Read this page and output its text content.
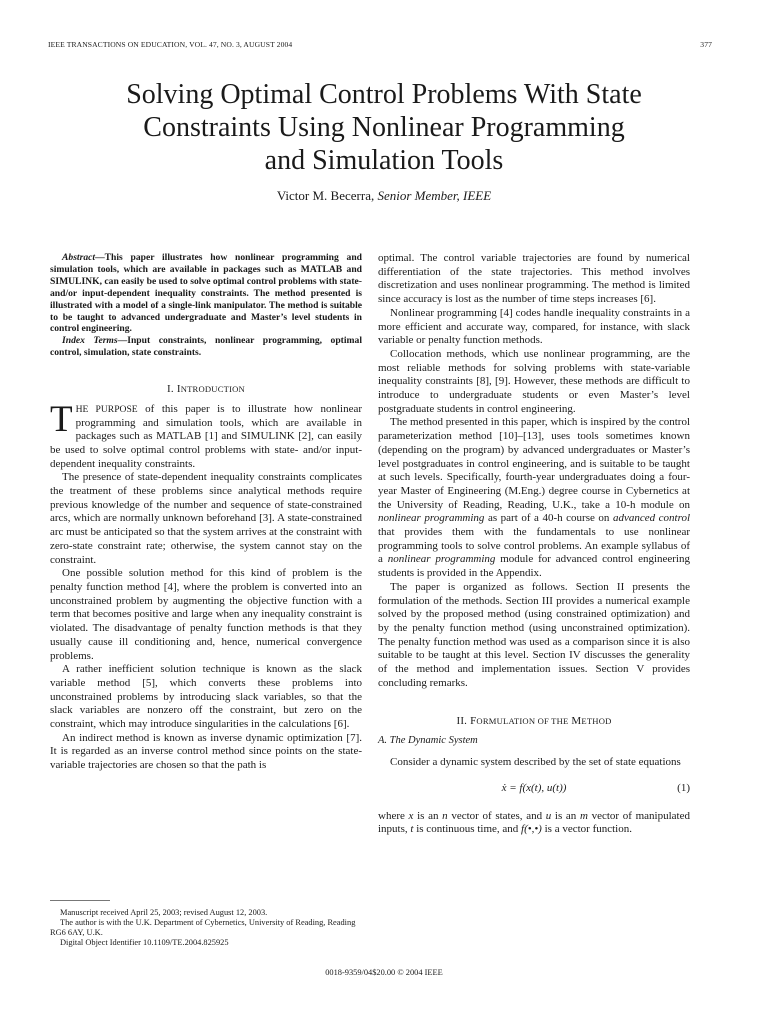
IEEE TRANSACTIONS ON EDUCATION, VOL. 47, NO. 3, AUGUST 2004	377
Solving Optimal Control Problems With State
Constraints Using Nonlinear Programming
and Simulation Tools
Victor M. Becerra, Senior Member, IEEE

Abstract—This paper illustrates how nonlinear programming and simulation tools, which are available in packages such as MATLAB and SIMULINK, can easily be used to solve optimal control problems with state- and/or input-dependent inequality constraints. The method presented is illustrated with a model of a single-link manipulator. The method is suitable to be taught to advanced undergraduate and Master’s level students in control engineering.

Index Terms—Input constraints, nonlinear programming, optimal control, simulation, state constraints.

I. INTRODUCTION

THE PURPOSE of this paper is to illustrate how nonlinear programming and simulation tools, which are available in packages such as MATLAB [1] and SIMULINK [2], can easily be used to solve optimal control problems with state- and/or input-dependent inequality constraints.

The presence of state-dependent inequality constraints complicates the treatment of these problems since analytical methods require previous knowledge of the number and sequence of state-constrained arcs, which are normally unknown beforehand [3]. A state-constrained arc must be anticipated so that the system arrives at the constraint with zero-state constraint rate; otherwise, the system cannot stay on the constraint.

One possible solution method for this kind of problem is the penalty function method [4], where the problem is converted into an unconstrained problem by augmenting the objective function with a term that becomes positive and large when any inequality constraint is violated. The disadvantage of penalty function methods is that they usually cause ill conditioning and, hence, numerical convergence problems.

A rather inefficient solution technique is known as the slack variable method [5], which converts these problems into unconstrained problems by introducing slack variables, so that the slack variables are nonzero off the constraint, but zero on the constraint, which may introduce singularities in the calculations [6].

An indirect method is known as inverse dynamic optimization [7]. It is regarded as an inverse control method since points on the state-variable trajectories are chosen so that the path is

optimal. The control variable trajectories are found by numerical differentiation of the state trajectories. This method involves discretization and uses nonlinear programming. The method is limited since accuracy is lost as the number of time steps increases [6].

Nonlinear programming [4] codes handle inequality constraints in a more efficient and accurate way, compared, for instance, with slack variable or penalty function methods.

Collocation methods, which use nonlinear programming, are the most reliable methods for solving problems with state-variable inequality constraints [8], [9]. However, these methods are difficult to introduce to undergraduate students or even Master’s level postgraduate students in control engineering.

The method presented in this paper, which is inspired by the control parameterization method [10]–[13], uses tools sometimes known (depending on the program) by advanced undergraduates or Master’s level postgraduates in control engineering, and is suitable to be taught at such levels. Specifically, fourth-year undergraduates doing a four-year Master of Engineering (M.Eng.) degree course in Cybernetics at the University of Reading, Reading, U.K., take a 10-h module on nonlinear programming as part of a 40-h course on advanced control that provides them with the fundamentals to use nonlinear programming tools to solve control problems. An example syllabus of a nonlinear programming module for advanced control engineering students is provided in the Appendix.

The paper is organized as follows. Section II presents the formulation of the methods. Section III provides a numerical example solved by the proposed method (using constrained optimization) and by the penalty function method (using unconstrained optimization). The penalty function method was used as a comparison since it is also suitable to be taught at this level. Section IV discusses the generality of the method and implementation issues. Section V provides concluding remarks.

II. FORMULATION OF THE METHOD
A. The Dynamic System

Consider a dynamic system described by the set of state equations

ẋ = f(x(t), u(t))	(1)

where x is an n vector of states, and u is an m vector of manipulated inputs, t is continuous time, and f(•,•) is a vector function.

Manuscript received April 25, 2003; revised August 12, 2003.
The author is with the U.K. Department of Cybernetics, University of Reading, Reading RG6 6AY, U.K.
Digital Object Identifier 10.1109/TE.2004.825925
0018-9359/04$20.00 © 2004 IEEE
